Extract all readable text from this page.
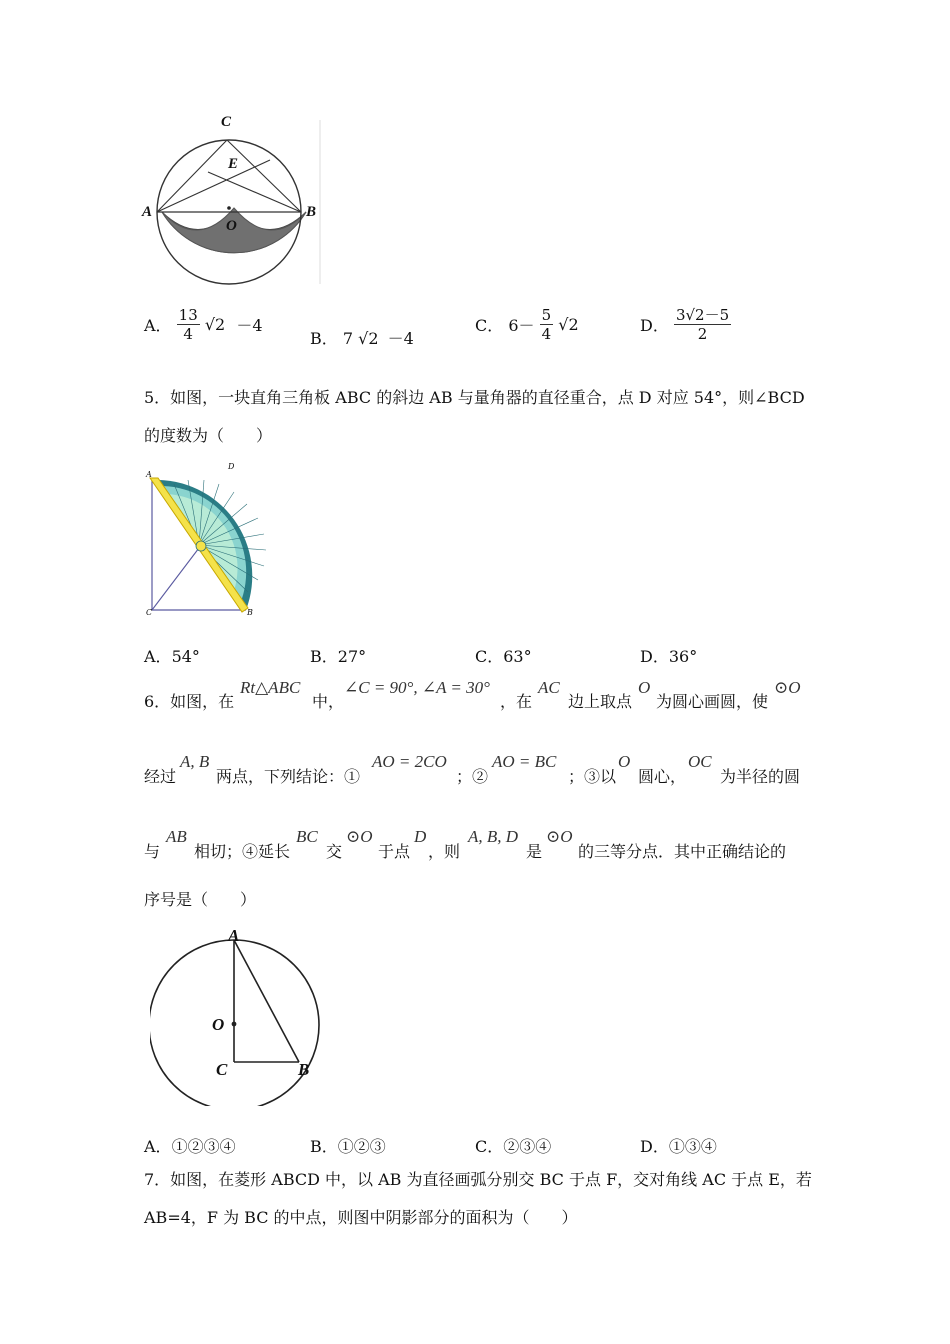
C
E
A
O
B
A． $\frac{13}{4} √2 -4$
B． 7 √2 －4
C． $6- \frac{5}{4} √2$	D． $\frac{3√2-5}{2}$
5．如图，一块直角三角板 ABC 的斜边 AB 与量角器的直径重合，点 D 对应 54°，则∠BCD
的度数为（　　）
A
D
C	B
A．54°	B．27°	C．63°	D．36°
6．如图，在
Rt△ABC
中，
∠C = 90°, ∠A = 30°
，在
AC
边上取点
O
为圆心画圆，使
⊙O
经过
A, B
两点，下列结论：①
AO = 2CO
；②
AO = BC
；③以
O
圆心，
OC
为半径的圆
与
AB
相切；④延长
BC
交
⊙O
于点
D
，则
A, B, D
是
⊙O
的三等分点．其中正确结论的
序号是（　　）
A
O
C	B
A．①②③④	B．①②③	C．②③④	D．①③④
7．如图，在菱形 ABCD 中，以 AB 为直径画弧分别交 BC 于点 F，交对角线 AC 于点 E，若
AB=4，F 为 BC 的中点，则图中阴影部分的面积为（　　）
